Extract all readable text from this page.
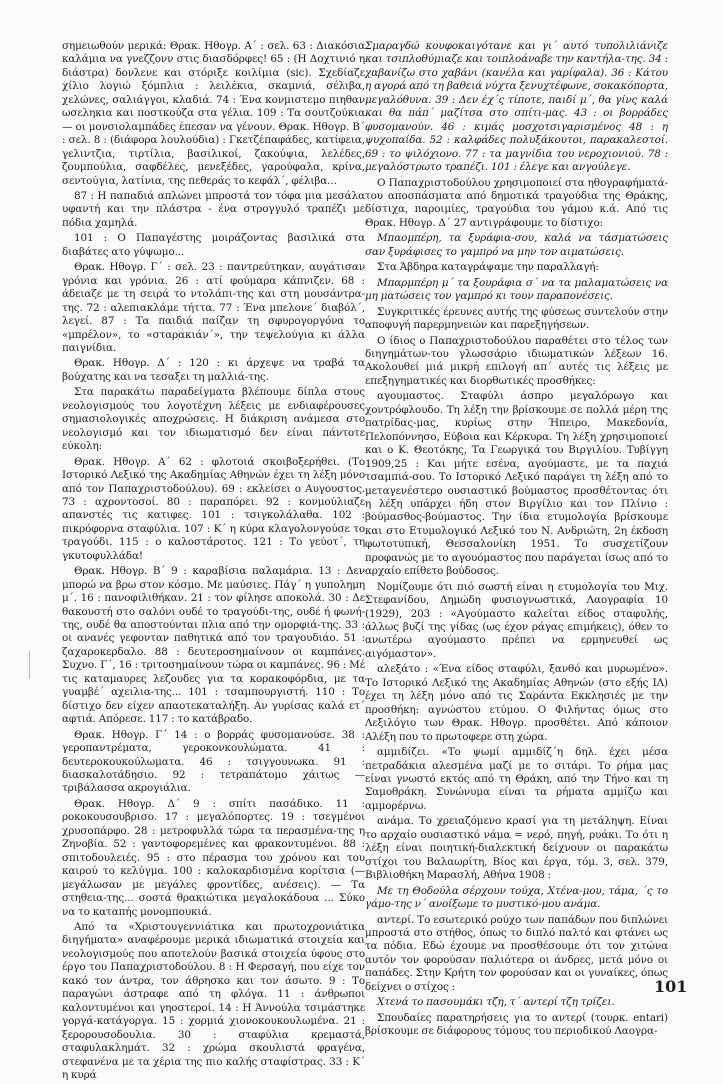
σημειωθούν μερικά: Θρακ. Ηθογρ. Α΄ : σελ. 63 : Διακόσια καλάμια να γνεζζονν στις διασδόρφες! 65 : (Η Δοχτινιό η διάστρα) δονλενε και στόριξε κοιλίμια (sic). Σχεδίαζε χίλιο λογιώ ξόμπλια : λειλέκια, σκαμνιά, σέλιβα, χελώνες, σαλιάγγοι, κλαδιά. 74 : Ένα κονμιστεμο πιηθαν ωσεληκια και ποστκούζα στα γέλια. 109 : Τα σουτζούκια — οι μονσιολαμπάδες έπεσαν να γένουν. Θρακ. Ηθογρ. Β΄ : σελ. 8 : (διάφορα λουλούδια) : Γκετζέπαφάδες, κατίφεια, γελιντζια, τιρτίλια, βασιλικοί, ζακούψια, λελέδες, ζουμπούλια, σαφδέλες, μενεξέδες, γαρούφαλα, κρίνα, σεντούγια, λατίνια, της πεθεράς το κεφάλ΄, φέλιβα...

87 : Η παπαδιά απλώνει μπροστά τον τόφα μια μεσάλα υφαντή και την πλάστρα - ένα στρογγυλό τραπέζι με πόδια χαμηλά.

101 : Ο Παπαγέστης μοιράζοντας βασιλικά στα διαβάτες ατο γύψωμο...

Θρακ. Ηθογρ. Γ΄ : σελ. 23 : παντρεύτηκαν, αυγάτισαν γρόνια και γρόνια. 26 : ατί φούμαρα κάπνιζεν. 68 : άδειαζε με τη σειρά το ντολάπι-της και στη μουσάντρα-της. 72 : αλεπιακλάμε τήττα. 77 : Ένα μπελονε΄ διαβόλ΄, λεγεί. 87 : Τα παιδιά παίζαν τη σφυρογοργόνα το «μπρέλον», το «σταρακιάν΄», την τεψελούγια κι άλλα παιγνίδια.

Θρακ. Ηθογρ. Δ΄ : 120 : κι άρχεψε να τραβά τα βούχατης και να τεσαξει τη μαλλιά-της.

Στα παρακάτω παραδείγματα βλέπουμε δίπλα στους νεολογισμούς του λογοτέχνη λέξεις με ενδιαφέρουσες σημασιολογικές αποχρώσεις. Η διάκριση ανάμεσα στο νεολογισμό και τον ιδιωματισμό δεν είναι πάντοτε εύκολη:

Θρακ. Ηθογρ. Α΄ 62 : φλοτοιά σκοιβοξερήθει. (Το Ιστορικό Λεξικό της Ακαδημίας Αθηνών έχει τη λέξη μόνο από τον Παπαχριστοδούλου). 69 : εκλείσει ο Αυγουστος. 73 : αχροντοσοί. 80 : παραπόρει. 92 : κονμούλιαζε απανστές τις κατιφες. 101 : τσιγκολάλαθα. 102 : πικρόφορνα σταφύλια. 107 : Κ΄ η κύρα κλαγολονγούσε το τραγούδι. 115 : ο καλοστάροτος. 121 : Το γεύοτ΄, τη γκυτοφυλλάδα!

Θρακ. Ηθογρ. Β΄ 9 : καραβίσια παλαμάρια. 13 : Δεν μπορώ να βρω στον κόσμο. Με μαύσιες. Πάγ΄ η γυπολημη μ΄. 16 : πανοφιλιθήκαν. 21 : τον φίλησε αποκολά. 30 : Δε θακουστή στο σαλόνι ουδέ το τραγούδι-της, ουδέ ή φωνή-της, ουδέ θα αποστούνται πλια από την ομορφιά-της. 33 : οι ανανές γεφονταν παθητικά από τον τραγουδιάο. 51 : ζαχαροκερδαλο. 88 : δευτεροσημαίνουν οι καμπάνες. Συχνο. Γ΄, 16 : τριτοσημαίνουν τώρα οι καμπάνες. 96 : Μέ τις καταμαυρες λεζουδες για τα κορακοφόρδια, με τα γυαμβέ΄ αχειλια-της... 101 : τσαμπουργιστή. 110 : Το δίστιχο δεν είχεν απαοτεκαταλήξη. Αν γυρίσας καλά ετ΄ αφτιά. Απόρεσε. 117 : το κατάβραδο.

Θρακ. Ηθογρ. Γ΄ 14 : ο βορράς φυσομανούσε. 38 : γεροπαντρέματα, γεροκονκουλώματα. 41 : δευτεροκουκούλωματα. 46 : τσιγγουνωκα. 91 : διασκαλοτάδησιο. 92 : τετραπάτομο χάιτως — τριβάλασσα ακρογιάλια.

Θρακ. Ηθογρ. Δ΄ 9 : σπίτι πασάδικο. 11 : ροκοκουσουβρισο. 17 : μεγαλόπορτες. 19 : τσεγμένοι χρυσοπάρφο. 28 : μετροφυλλά τώρα τα περασμένα-της η Ζηνοβία. 52 : γαντοφορεμένες και φρακοντυμένοι. 88 : σπιτοδουλειές. 95 : στο πέρασμα του χρόνου και του καιρού το κελύγμα. 100 : καλοκαρδισμένα κορίτσια (— μεγάλωσαν με μεγάλες φροντίδες, ανέσεις). — Τα στηθεια-της... σοστά θρακιώτικα μεγαλοκάδουα ... Σύκο να το καταπής μονομπουκιά.

Από τα «Χριστουγεννιάτικα και πρωτοχρονιάτικα διηγήματα» αναφέρουμε μερικά ιδιωματικά στοιχεία και νεολογισμούς που αποτελούν βασικά στοιχεία ύφους στο έργο του Παπαχριστοδούλου. 8 : Η Φερσαγή, που είχε τον κακό τον άντρα, τον άθρησκο και τον άσωτο. 9 : Το παραγώνι άστραφε από τη φλόγα. 11 : άνθρωποι καλοντυμένοι και γηοστεροί. 14 : Η Άννούλα τσιμάστηκε γοργά-κατάγοργα. 15 : χορμιά χιονοκουκουλωμένα. 21 : ξερορουσοδουλια. 30 : σταφύλια κρεμαστά, σταφυλακλημάτ. 32 : χρώμα σκουλιστά φραγένα, στεφανένα με τα χέρια της πιο καλής σταφίστρας. 33 : Κ΄ η κυρά

Σμαραγδώ κουφοκαιγότανε και γι΄ αυτό τυπολιλιάνιζε και τσιπλοθύμιαζε και τοιπλοάναβε την καντήλα-της. 34 : χαβανίζω στο χαβάνι (κανέλα και γαρίφαλα). 36 : Κάτου η αγορά από τη βαθειά νύχτα ξενυχτέφωνε, σοκακόπορτα, μεγαλόθυνα. 39 : Δεν έχ΄ς τίποτε, παιδί μ΄, θα γίνς καλά και θα πάπ΄ μαζίτσα στο σπίτι-μας. 43 : οι βορράδες φυσομανούν. 46 : κιμάς μοσχοτσιγαρισμένος 48 : η ψυχοπαίδα. 52 : καλφάδες πολυξάκουτοι, παρακαλεστοί. 69 : το ψιλόχιονο. 77 : τα μαγνίδια του νεροχιονιού. 78 : μεγαλόστρωτο τραπέζι. 101 : έλεγε και ανγούλεγε.

Ο Παπαχριστοδούλου χρησιμοποιεί στα ηθογραφήματά-του αποσπάσματα από δημοτικά τραγούδια της Θράκης, δίστιχα, παροιμίες, τραγούδια του γάμου κ.ά. Από τις Θρακ. Ηθογρ. Δ΄ 27 αντιγράφουμε το δίστιχο:

Μπαομπέρη, τα ξυράφια-σου, καλά να τάσματώσεις σαν ξυράφισες το γαμπρό να μην τον αιματώσεις.

Στα Άβδηρα καταγράψαμε την παραλλαγή:

Μπαρμπέρη μ΄ τα ξουράφια σ΄ να τα μαλαματώσεις να μη ματώσεις τον γαμπρό κι τουν παραπονέσεις.

Συγκριτικές έρευνες αυτής της φύσεως συντελούν στην αποφυγή παρερμηνειών και παρεξηγήσεων.

Ο ίδιος ο Παπαχριστοδούλου παραθέτει στο τέλος των διηγημάτων-του γλωσσάριο ιδιωματικών λέξεων 16. Ακολουθεί μιά μικρή επιλογή απ΄ αυτές τις λέξεις με επεξηγηματικές και διορθωτικές προσθήκες:

αγουμαστος. Σταφύλι άσπρο μεγαλόρωγο και χοντρόφλουδο. Τη λέξη την βρίσκουμε σε πολλά μέρη της πατρίδας-μας, κυρίως στην Ήπειρο, Μακεδονία, Πελοπόννησο, Εύβοια και Κέρκυρα. Τη λέξη χρησιμοποιεί και ο Κ. Θεοτόκης, Τα Γεωργικά του Βιργιλίου. Τυβίγγη 1909,25 : Και μήτε εσένα, αγούμαστε, με τα παχιά τσαμπιά-σου. Το Ιστορικό Λεξικό παράγει τη λέξη από το μεταγενέστερο ουσιαστικό βούμαστος προσθέτοντας ότι η λέξη υπάρχει ήδη στον Βιργίλιο και τον Πλίνιο : βούμασθος-βούμαστος. Την ίδια ετυμολογία βρίσκουμε και στο Ετυμολογικό Λεξικό του Ν. Ανδριώτη, 2η έκδοση φωτοτυπική, Θεσσαλονίκη 1951. Το συσχετίζουν προφανώς με το αγουόμαστος που παράγεται ίσως από το αρχαίο επίθετο βούδοσος.

Νομίζουμε ότι πιό σωστή είναι η ετυμολογία του Μιχ. Στεφανίδου, Δημώδη φυσιογνωστικά, Λαογραφία 10 (1929), 203 : «Αγούμαστο καλείται είδος σταφυλής, άλλως βυζί της γίδας (ως έχον ράγας επιμήκεις), όθεν το ανωτέρω αγούμαστο πρέπει να ερμηνευθεί ως αιγόμαστον».

αλεξάτο : «Ένα είδος σταφύλι, ξανθό και μυρωμένο». Το Ιστορικό Λεξικό της Ακαδημίας Αθηνών (στο εξής ΙΛ) έχει τη λέξη μόνο από τις Σαράντα Εκκλησιές με την προσθήκη: αγνώστου ετύμου. Ο Φιλήντας όμως στο Λεξιλόγιο των Θρακ. Ηθογρ. προσθέτει. Από κάποιον Αλέξη που το πρωτοφερε στη χώρα.

αμμιδίζει. «Το ψωμί αμμιδίζ΄η δηλ. έχει μέσα πετραδάκια αλεσμένα μαζί με το σιτάρι. Το ρήμα μας είναι γνωστό εκτός από τη Θράκη, από την Τήνο και τη Σαμοθράκη. Συνώνυμα είναι τα ρήματα αμμίζω και αμμορέρνω.

ανάμα. Το χρειαζόμενο κρασί για τη μετάληψη. Είναι το αρχαίο ουσιαστικό νάμα = νερό, πηγή, ρυάκι. Το ότι η λέξη είναι ποιητική-διαλεκτική δείχνουν οι παρακάτω στίχοι του Βαλαωρίτη, Βίος και έργα, τόμ. 3, σελ. 379, Βιβλιοθήκη Μαρασλή, Αθήνα 1908 :

Με τη Θοδούλα σέρχουν τούχα, Χτένα-μου, τάμα, ΄ς το γάμο-της ν΄ ανοίξωμε το μυστικό-μου ανάμα.

αντερί. Το εσωτερικό ρούχο των παπάδων που διπλώνει μπροστά στο στήθος, όπως το διπλό παλτό και φτάνει ως τα πόδια. Εδώ έχουμε να προσθέσουμε ότι τον χιτώνα αυτόν τον φορούσαν παλιότερα οι άνδρες, μετά μόνο οι παπάδες. Στην Κρήτη τον φορούσαν και οι γυναίκες, όπως δείχνει ο στίχος :

Χτενά το πασουμάκι τζη, τ΄ αντερί τζη τρίζει.

Σπουδαίες παρατηρήσεις για το αντερί (τουρκ. entari) βρίσκουμε σε διάφορους τόμους του περιοδικού Λαογρα-

101
